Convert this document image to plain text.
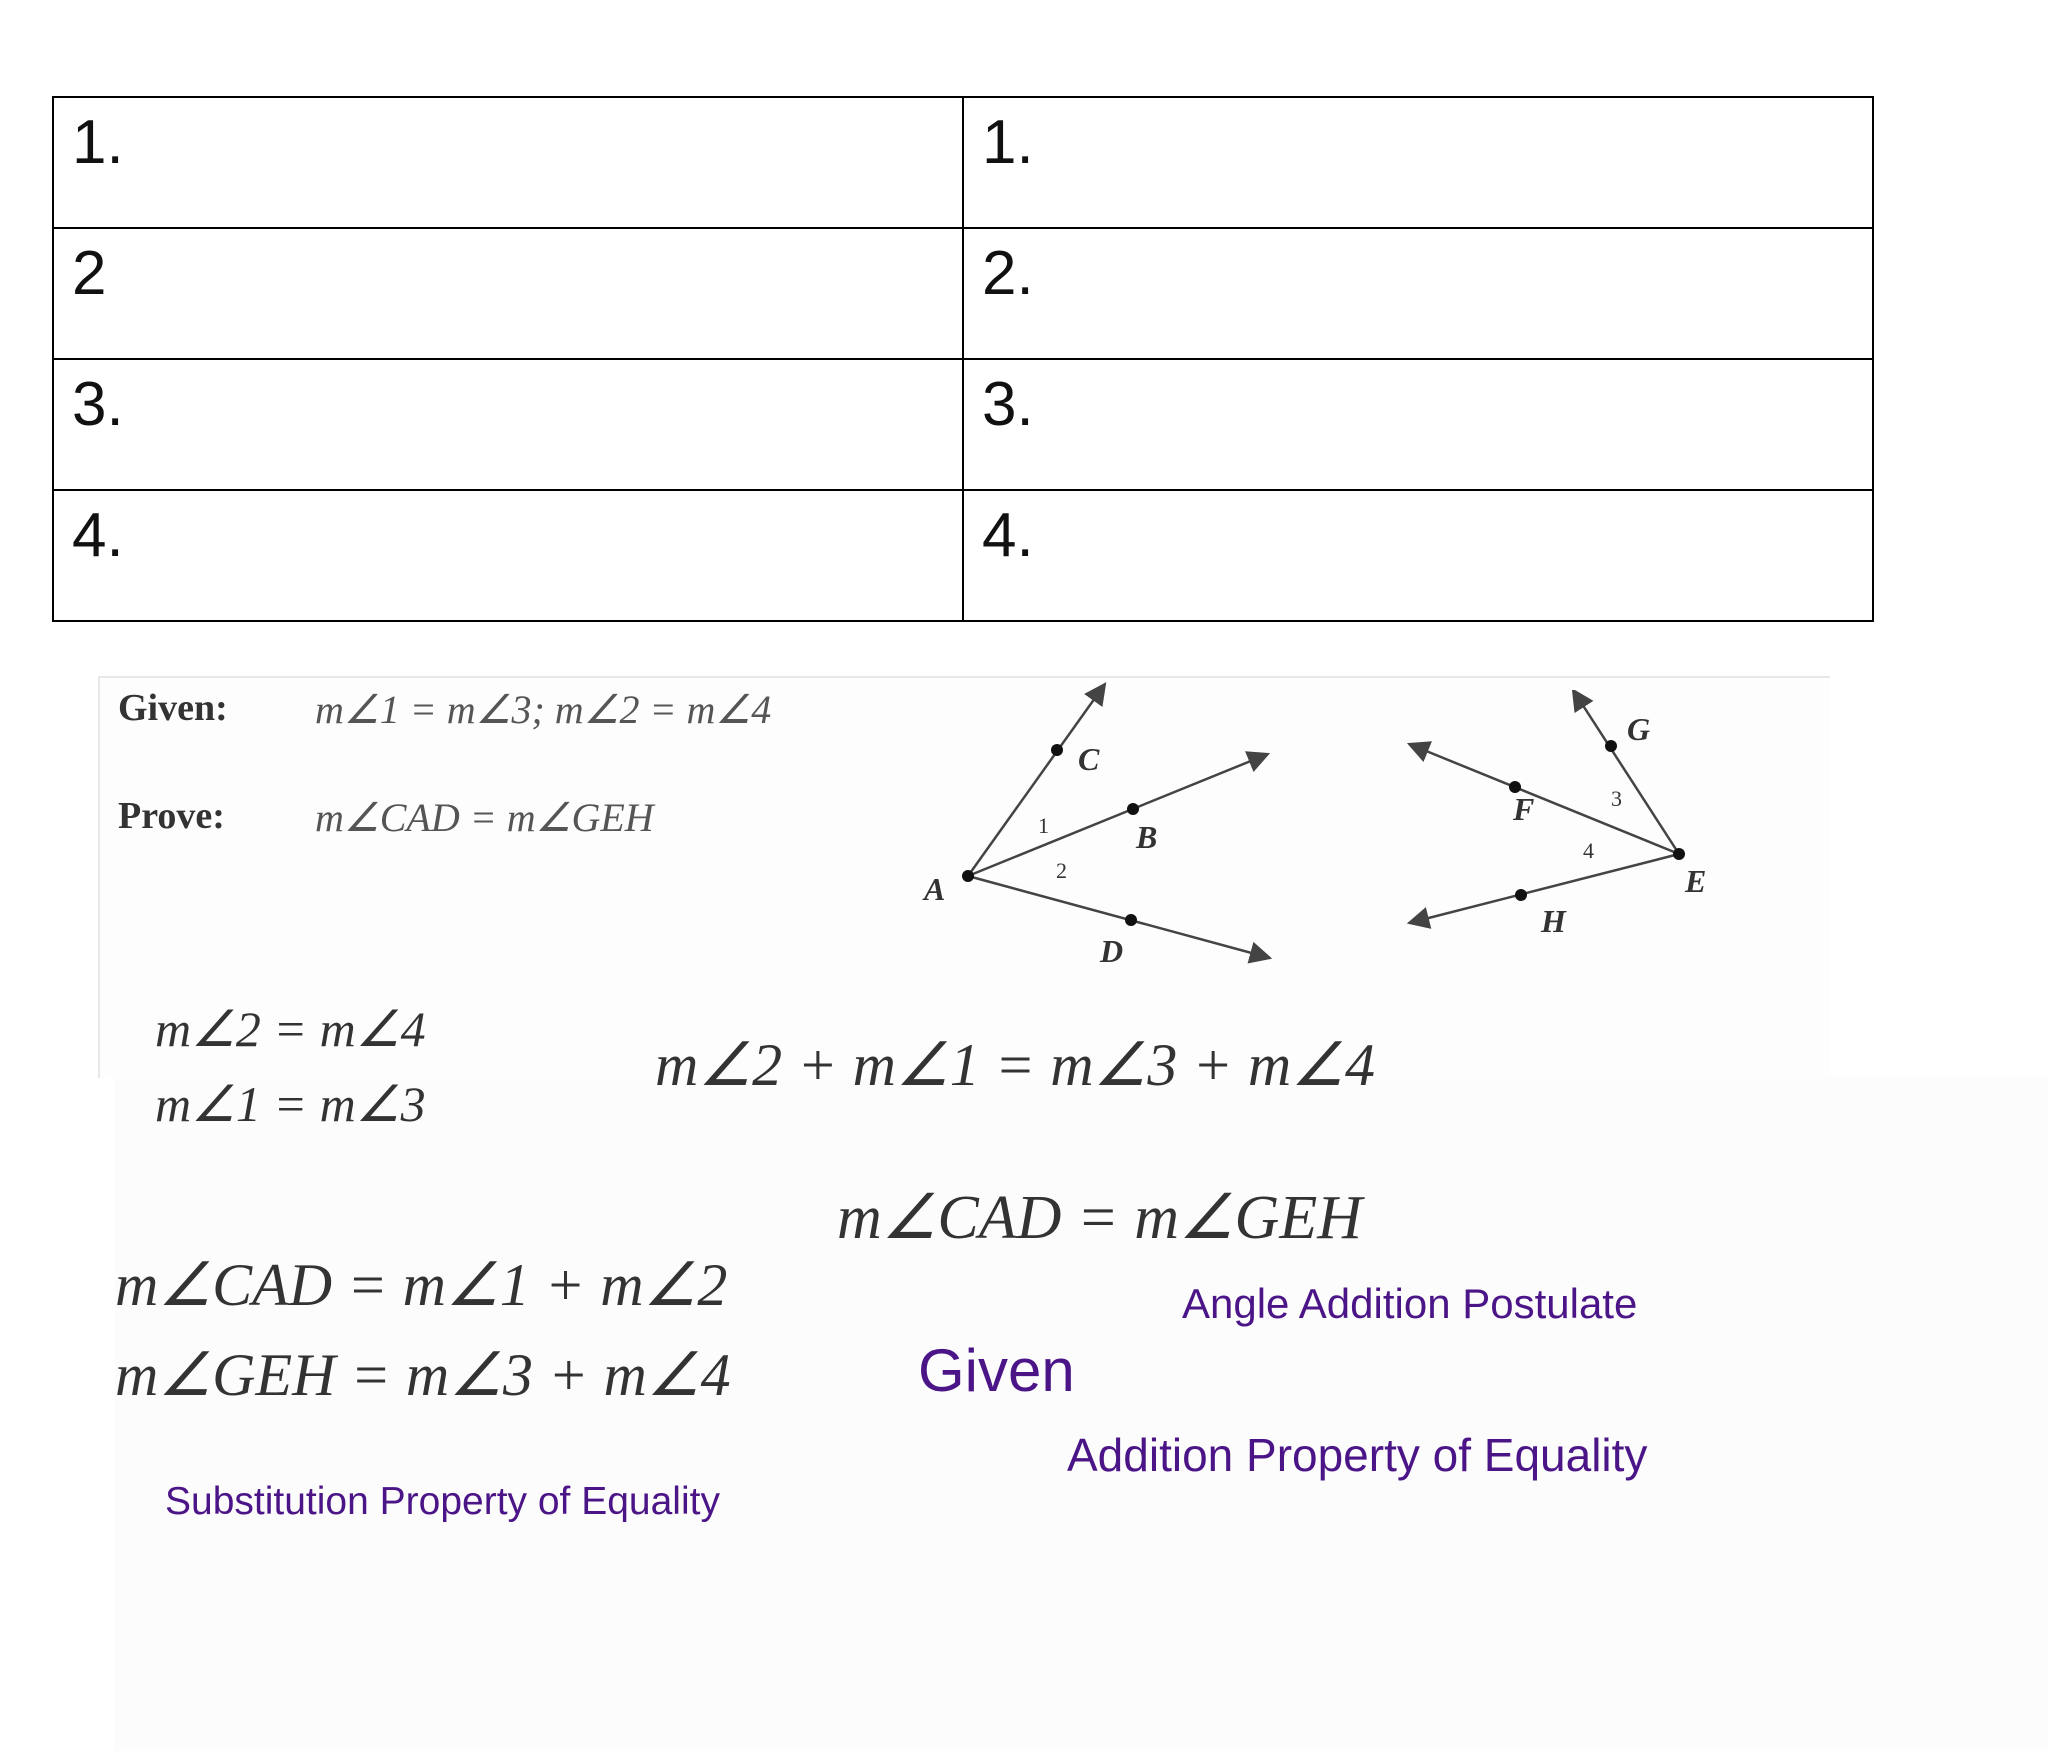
1.	1.
2	2.
3.	3.
4.	4.
Given: m∠1 = m∠3; m∠2 = m∠4
Prove: m∠CAD = m∠GEH
C
B
A
D
1
2
G
F
E
H
3
4
m∠2 = m∠4
m∠1 = m∠3
m∠2 + m∠1 = m∠3 + m∠4
m∠CAD = m∠GEH
m∠CAD = m∠1 + m∠2
m∠GEH = m∠3 + m∠4
Angle Addition Postulate
Given
Addition Property of Equality
Substitution Property of Equality
